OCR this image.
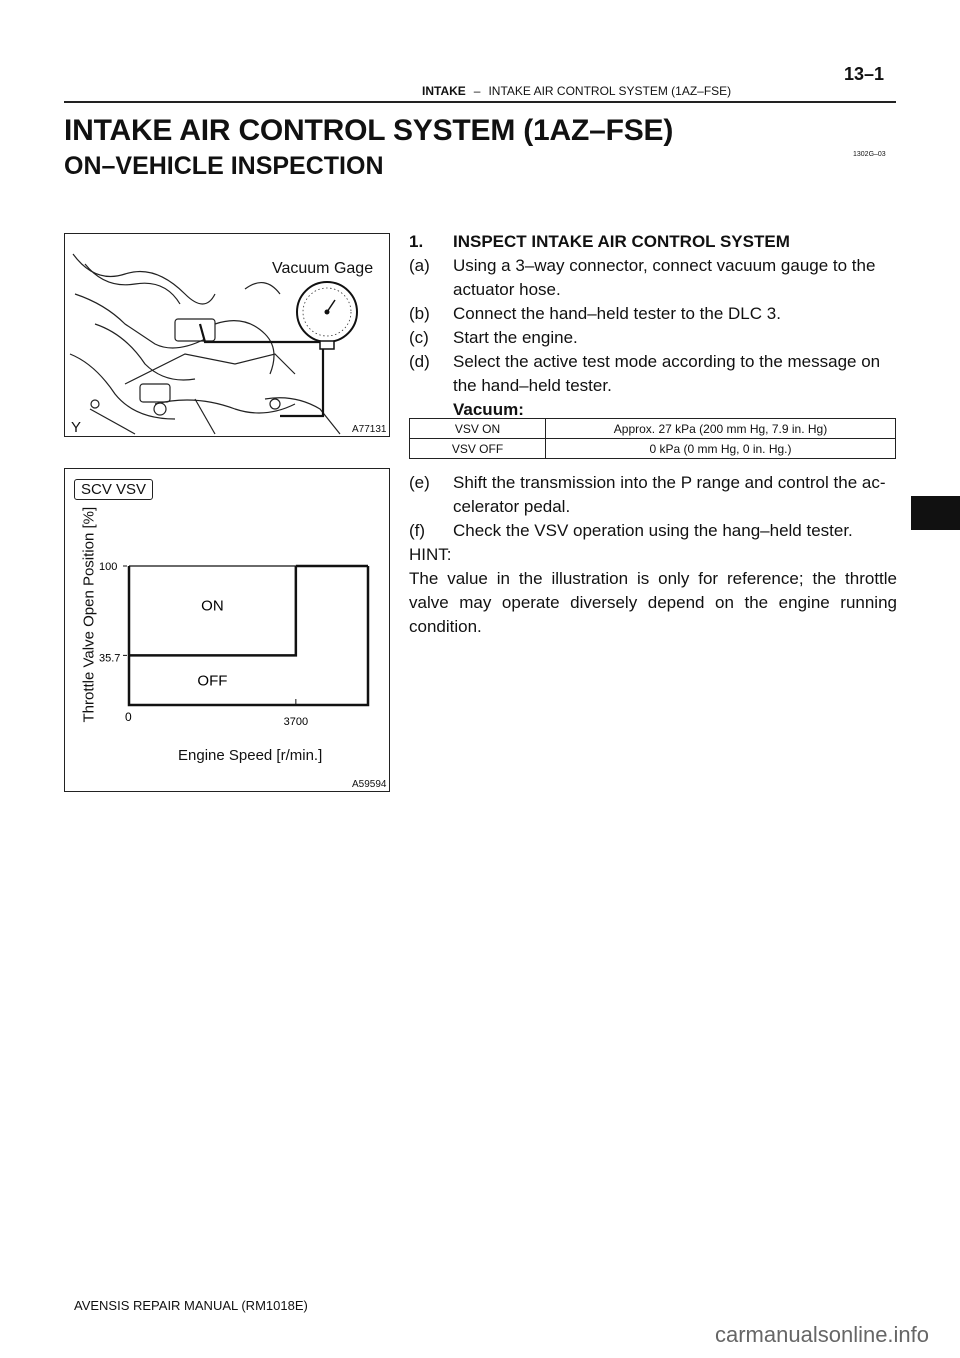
13–1
INTAKE – INTAKE AIR CONTROL SYSTEM (1AZ–FSE)
INTAKE AIR CONTROL SYSTEM (1AZ–FSE)
ON–VEHICLE INSPECTION	1302G–03
Vacuum Gage
Y	A77131
SCV VSV
Throttle Valve Open Position [%] 100
35.7
0	3700
ON
OFF
Engine Speed [r/min.]
A59594
1. INSPECT INTAKE AIR CONTROL SYSTEM
(a) Using a 3–way connector, connect vacuum gauge to the actuator hose.
(b) Connect the hand–held tester to the DLC 3.
(c) Start the engine.
(d) Select the active test mode according to the message on the hand–held tester.
Vacuum:
VSV ON	Approx. 27 kPa (200 mm Hg, 7.9 in. Hg)
VSV OFF	0 kPa (0 mm Hg, 0 in. Hg.)
(e) Shift the transmission into the P range and control the ac-celerator pedal.
(f) Check the VSV operation using the hang–held tester.
HINT:
The value in the illustration is only for reference; the throttle valve may operate diversely depend on the engine running condition.
AVENSIS REPAIR MANUAL (RM1018E)
carmanualsonline.info
